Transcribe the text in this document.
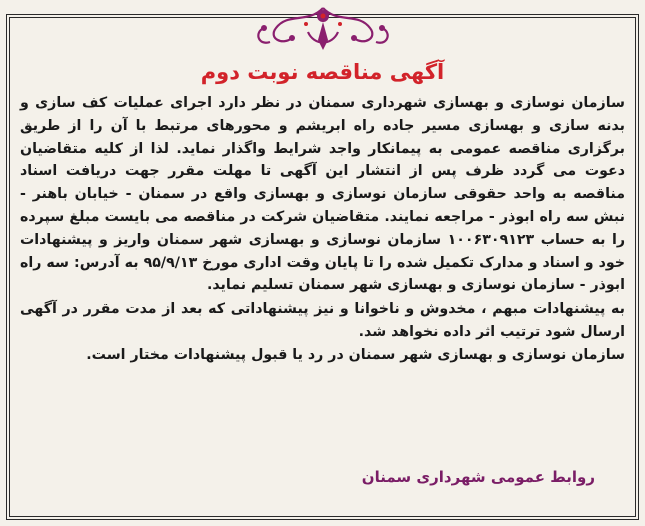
آگهی مناقصه نوبت دوم

سازمان نوسازی و بهسازی شهرداری سمنان در نظر دارد اجرای عملیات کف سازی و بدنه سازی و بهسازی مسیر جاده راه ابریشم و محورهای مرتبط با آن را از طریق برگزاری مناقصه عمومی به پیمانکار واجد شرایط واگذار نماید. لذا از کلیه متقاضیان دعوت می گردد ظرف پس از انتشار این آگهی تا مهلت مقرر جهت دریافت اسناد مناقصه به واحد حقوقی سازمان نوسازی و بهسازی واقع در سمنان - خیابان باهنر - نبش سه راه ابوذر - مراجعه نمایند. متقاضیان شرکت در مناقصه می بایست مبلغ سپرده را به حساب ۱۰۰۶۳۰۹۱۲۳ سازمان نوسازی و بهسازی شهر سمنان واریز و پیشنهادات خود و اسناد و مدارک تکمیل شده را تا پایان وقت اداری مورخ ۹۵/۹/۱۳ به آدرس: سه راه ابوذر - سازمان نوسازی و بهسازی شهر سمنان تسلیم نماید.

به پیشنهادات مبهم ، مخدوش و ناخوانا و نیز پیشنهاداتی که بعد از مدت مقرر در آگهی ارسال شود ترتیب اثر داده نخواهد شد.

سازمان نوسازی و بهسازی شهر سمنان در رد یا قبول پیشنهادات مختار است.

روابط عمومی شهرداری سمنان
